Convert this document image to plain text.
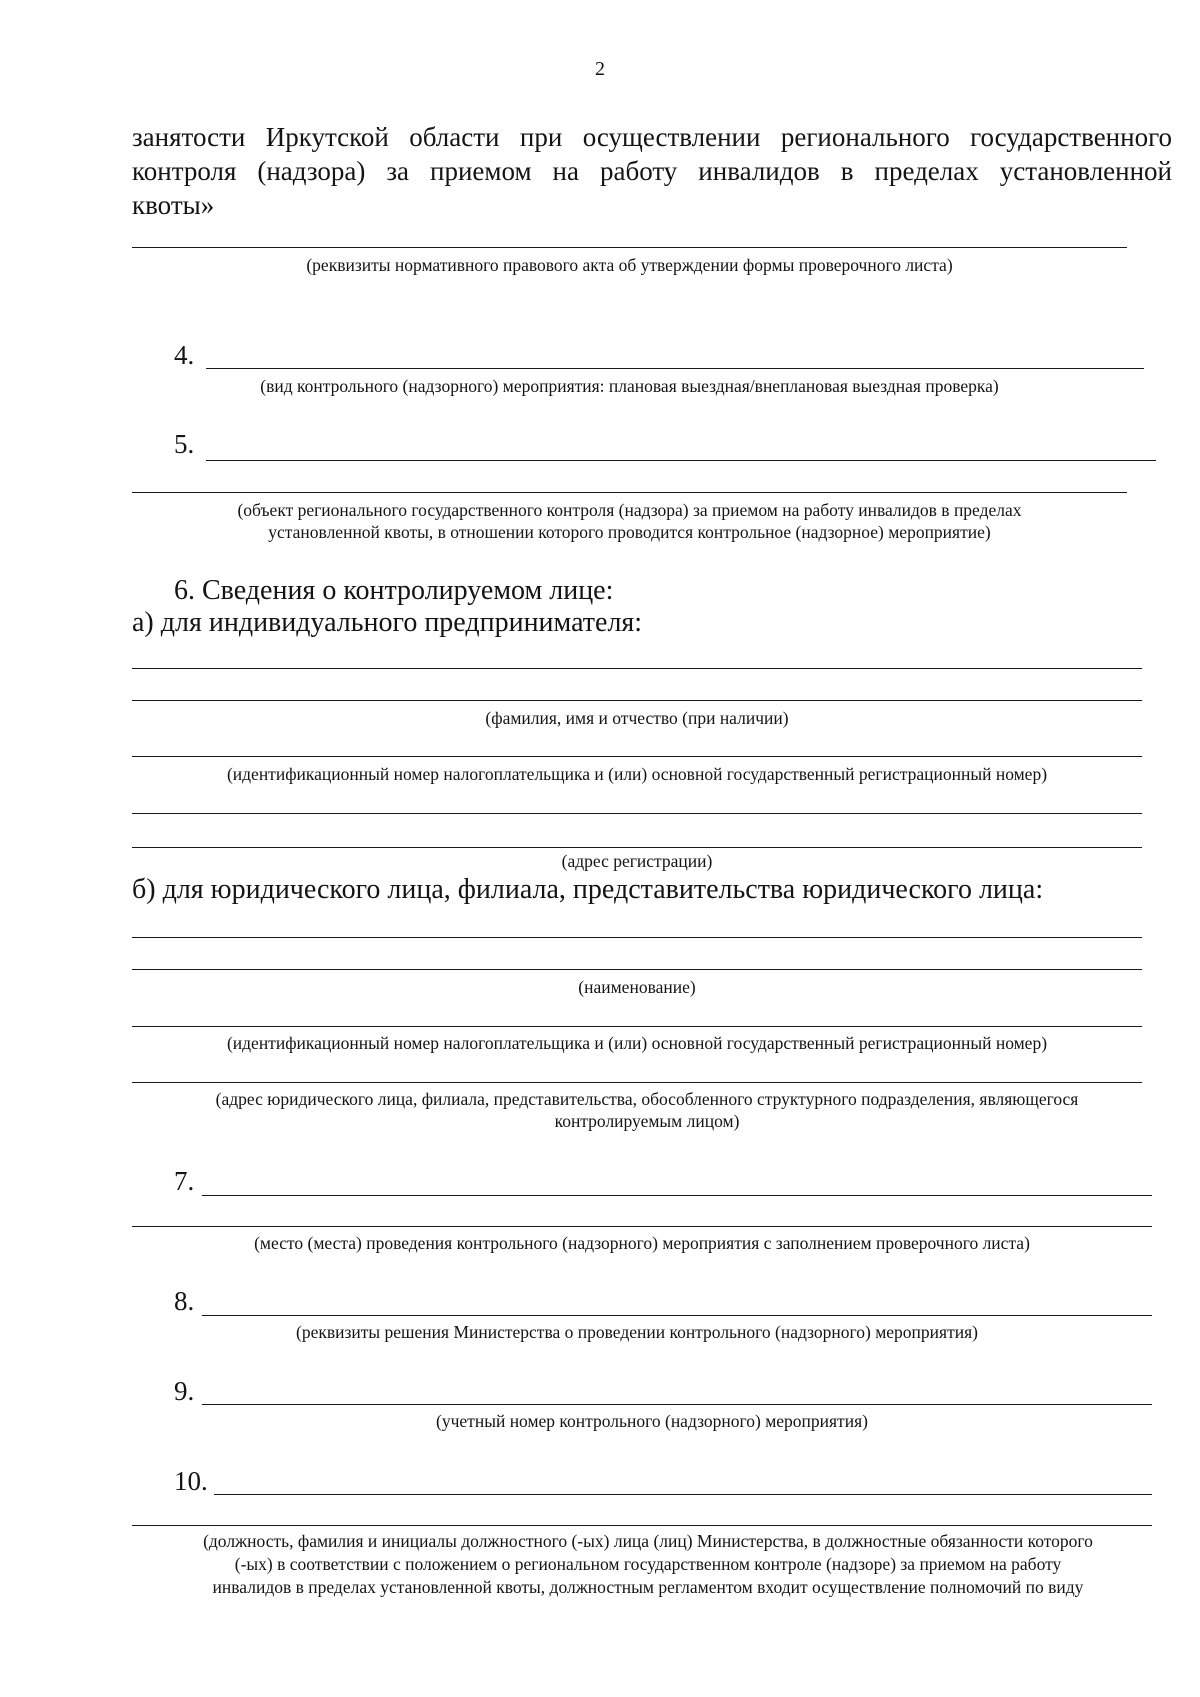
2
занятости Иркутской области при осуществлении регионального государственного
контроля (надзора) за приемом на работу инвалидов в пределах установленной
квоты»
(реквизиты нормативного правового акта об утверждении формы проверочного листа)
4.
(вид контрольного (надзорного) мероприятия: плановая выездная/внеплановая выездная проверка)
5.
(объект регионального государственного контроля (надзора) за приемом на работу инвалидов в пределах
установленной квоты, в отношении которого проводится контрольное (надзорное) мероприятие)
6. Сведения о контролируемом лице:
а) для индивидуального предпринимателя:
(фамилия, имя и отчество (при наличии)
(идентификационный номер налогоплательщика и (или) основной государственный регистрационный номер)
(адрес регистрации)
б) для юридического лица, филиала, представительства юридического лица:
(наименование)
(идентификационный номер налогоплательщика и (или) основной государственный регистрационный номер)
(адрес юридического лица, филиала, представительства, обособленного структурного подразделения, являющегося
контролируемым лицом)
7.
(место (места) проведения контрольного (надзорного) мероприятия с заполнением проверочного листа)
8.
(реквизиты решения Министерства о проведении контрольного (надзорного) мероприятия)
9.
(учетный номер контрольного (надзорного) мероприятия)
10.
(должность, фамилия и инициалы должностного (-ых) лица (лиц) Министерства, в должностные обязанности которого
(-ых) в соответствии с положением о региональном государственном контроле (надзоре) за приемом на работу
инвалидов в пределах установленной квоты, должностным регламентом входит осуществление полномочий по виду
